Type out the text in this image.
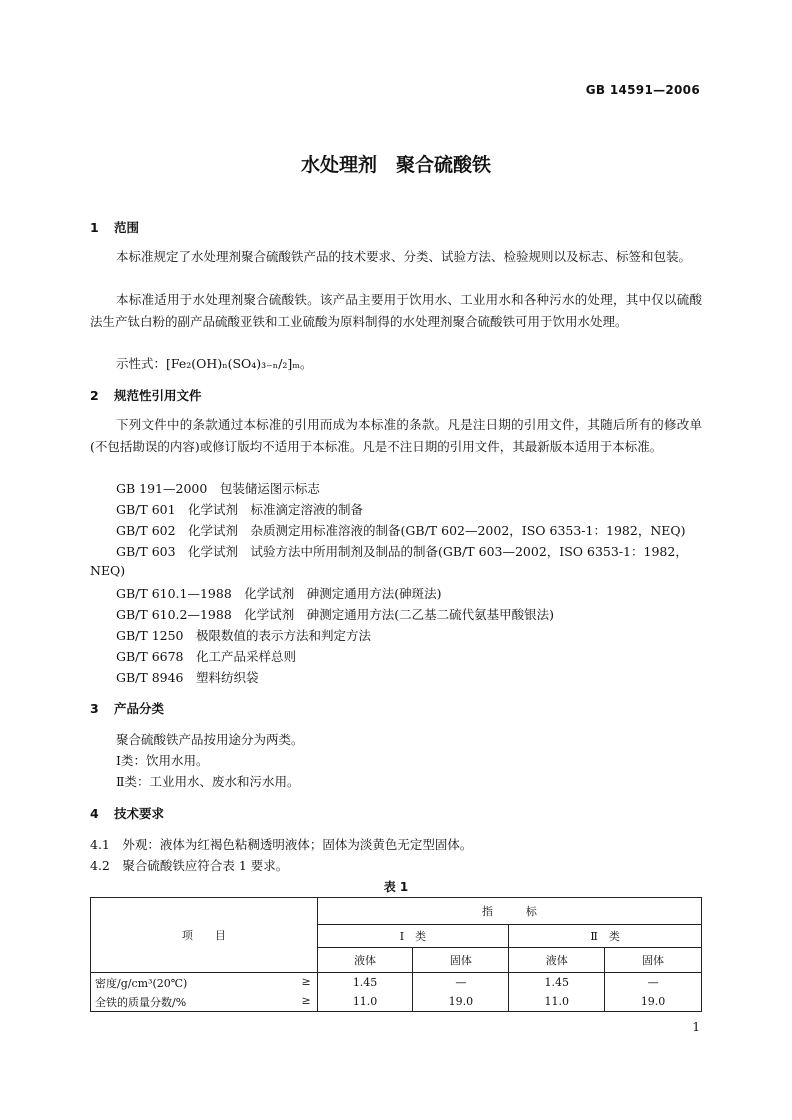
GB 14591—2006
水处理剂　聚合硫酸铁
1 范围
本标准规定了水处理剂聚合硫酸铁产品的技术要求、分类、试验方法、检验规则以及标志、标签和包装。
本标准适用于水处理剂聚合硫酸铁。该产品主要用于饮用水、工业用水和各种污水的处理，其中仅以硫酸法生产钛白粉的副产品硫酸亚铁和工业硫酸为原料制得的水处理剂聚合硫酸铁可用于饮用水处理。
示性式：[Fe₂(OH)ₙ(SO₄)₃₋ₙ/₂]ₘ。
2 规范性引用文件
下列文件中的条款通过本标准的引用而成为本标准的条款。凡是注日期的引用文件，其随后所有的修改单(不包括勘误的内容)或修订版均不适用于本标准。凡是不注日期的引用文件，其最新版本适用于本标准。
GB 191—2000　包装储运图示标志
GB/T 601　化学试剂　标准滴定溶液的制备
GB/T 602　化学试剂　杂质测定用标准溶液的制备(GB/T 602—2002，ISO 6353-1：1982，NEQ)
GB/T 603　化学试剂　试验方法中所用制剂及制品的制备(GB/T 603—2002，ISO 6353-1：1982，
NEQ)
GB/T 610.1—1988　化学试剂　砷测定通用方法(砷斑法)
GB/T 610.2—1988　化学试剂　砷测定通用方法(二乙基二硫代氨基甲酸银法)
GB/T 1250　极限数值的表示方法和判定方法
GB/T 6678　化工产品采样总则
GB/T 8946　塑料纺织袋
3 产品分类
聚合硫酸铁产品按用途分为两类。
Ⅰ类：饮用水用。
Ⅱ类：工业用水、废水和污水用。
4 技术要求
4.1　外观：液体为红褐色粘稠透明液体；固体为淡黄色无定型固体。
4.2　聚合硫酸铁应符合表 1 要求。
表 1
项　　目	指　　　标			
	Ⅰ　类		Ⅱ　类	
	液体	固体	液体	固体
密度/g/cm³(20℃) ≥	1.45	—	1.45	—
全铁的质量分数/% ≥	11.0	19.0	11.0	19.0
1
